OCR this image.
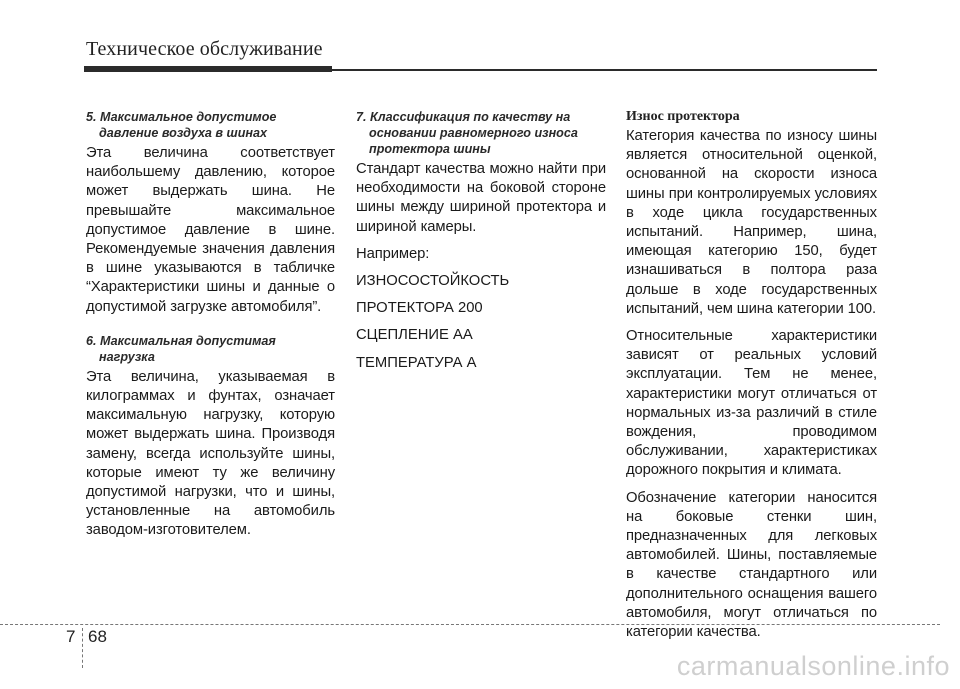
Техническое обслуживание

5. Максимальное допустимое давление воздуха в шинах

Эта величина соответствует наибольшему давлению, которое может выдержать шина. Не превышайте максимальное допустимое давление в шине. Рекомендуемые значения давления в шине указываются в табличке “Характеристики шины и данные о допустимой загрузке автомобиля”.

6. Максимальная допустимая нагрузка

Эта величина, указываемая в килограммах и фунтах, означает максимальную нагрузку, которую может выдержать шина. Производя замену, всегда используйте шины, которые имеют ту же величину допустимой нагрузки, что и шины, установленные на автомобиль заводом-изготовителем.

7. Классификация по качеству на основании равномерного износа протектора шины

Стандарт качества можно найти при необходимости на боковой стороне шины между шириной протектора и шириной камеры.

Например:

ИЗНОСОСТОЙКОСТЬ
ПРОТЕКТОРА 200
СЦЕПЛЕНИЕ АА
ТЕМПЕРАТУРА А

Износ протектора

Категория качества по износу шины является относительной оценкой, основанной на скорости износа шины при контролируемых условиях в ходе цикла государственных испытаний. Например, шина, имеющая категорию 150, будет изнашиваться в полтора раза дольше в ходе государственных испытаний, чем шина категории 100.

Относительные характеристики зависят от реальных условий эксплуатации. Тем не менее, характеристики могут отличаться от нормальных из-за различий в стиле вождения, проводимом обслуживании, характеристиках дорожного покрытия и климата.

Обозначение категории наносится на боковые стенки шин, предназначенных для легковых автомобилей. Шины, поставляемые в качестве стандартного или дополнительного оснащения вашего автомобиля, могут отличаться по категории качества.

7 68
carmanualsonline.info
